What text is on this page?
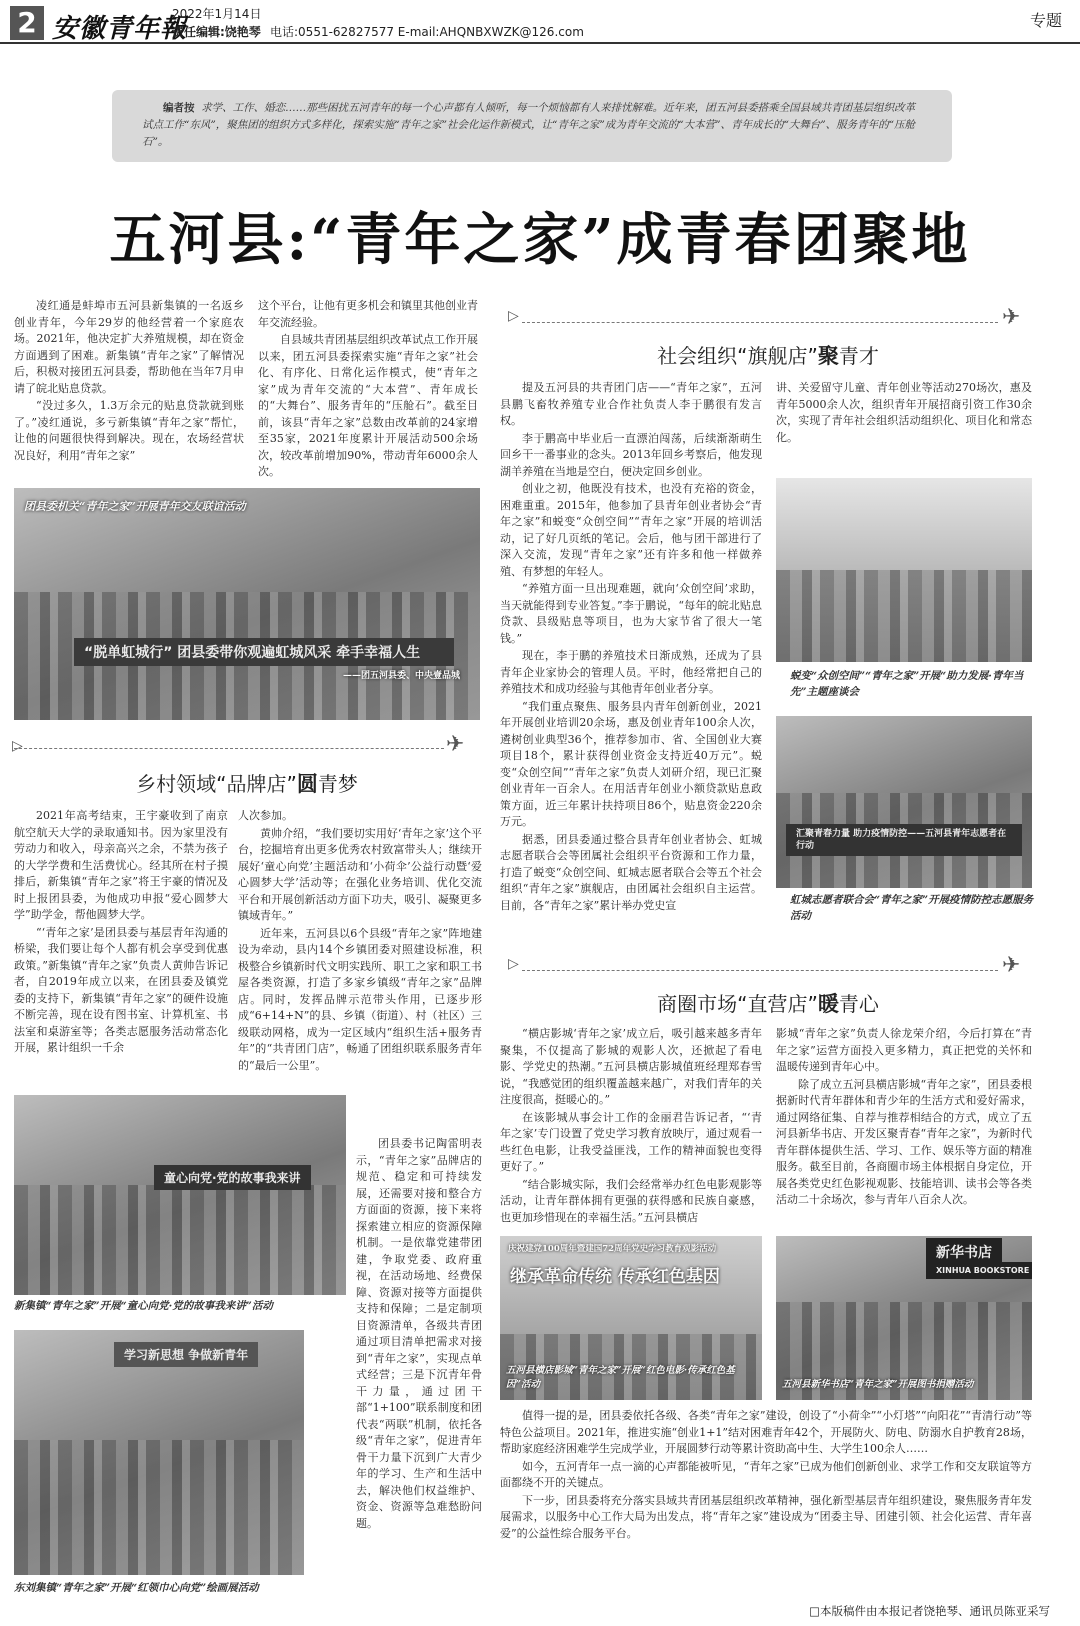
2 安徽青年報
2022年1月14日
责任编辑:饶艳琴 电话:0551-62827577 E-mail:AHQNBXWZK@126.com
专题
编者按 求学、工作、婚恋……那些困扰五河青年的每一个心声都有人倾听，每一个烦恼都有人来排忧解难。近年来，团五河县委搭乘全国县域共青团基层组织改革试点工作“东风”，聚焦团的组织方式多样化，探索实施“青年之家”社会化运作新模式，让“青年之家”成为青年交流的“大本营”、青年成长的“大舞台”、服务青年的“压舱石”。
五河县:“青年之家”成青春团聚地

凌红通是蚌埠市五河县新集镇的一名返乡创业青年，今年29岁的他经营着一个家庭农场。2021年，他决定扩大养殖规模，却在资金方面遇到了困难。新集镇“青年之家”了解情况后，积极对接团五河县委，帮助他在当年7月申请了皖北贴息贷款。

“没过多久，1.3万余元的贴息贷款就到账了。”凌红通说，多亏新集镇“青年之家”帮忙，让他的问题很快得到解决。现在，农场经营状况良好，利用“青年之家”

这个平台，让他有更多机会和镇里其他创业青年交流经验。

自县域共青团基层组织改革试点工作开展以来，团五河县委探索实施“青年之家”社会化、有序化、日常化运作模式，使“青年之家”成为青年交流的“大本营”、青年成长的“大舞台”、服务青年的“压舱石”。截至目前，该县“青年之家”总数由改革前的24家增至35家，2021年度累计开展活动500余场次，较改革前增加90%，带动青年6000余人次。

团县委机关“青年之家”开展青年交友联谊活动
“脱单虹城行” 团县委带你观遍虹城风采 牵手幸福人生
——团五河县委、中央壹品城
✈
▷
乡村领域“品牌店”圆青梦

2021年高考结束，王宇豪收到了南京航空航天大学的录取通知书。因为家里没有劳动力和收入，母亲高兴之余，不禁为孩子的大学学费和生活费忧心。经其所在村子摸排后，新集镇“青年之家”将王宇豪的情况及时上报团县委，为他成功申报“爱心圆梦大学”助学金，帮他圆梦大学。

“‘青年之家’是团县委与基层青年沟通的桥梁，我们要让每个人都有机会享受到优惠政策。”新集镇“青年之家”负责人黄帅告诉记者，自2019年成立以来，在团县委及镇党委的支持下，新集镇“青年之家”的硬件设施不断完善，现在设有图书室、计算机室、书法室和桌游室等；各类志愿服务活动常态化开展，累计组织一千余

人次参加。

黄帅介绍，“我们要切实用好‘青年之家’这个平台，挖掘培育出更多优秀农村致富带头人；继续开展好‘童心向党’主题活动和‘小荷伞’公益行动暨‘爱心圆梦大学’活动等；在强化业务培训、优化交流平台和开展创新活动方面下功夫，吸引、凝聚更多镇域青年。”

近年来，五河县以6个县级“青年之家”阵地建设为牵动，县内14个乡镇团委对照建设标准，积极整合乡镇新时代文明实践所、职工之家和职工书屋各类资源，打造了多家乡镇级“青年之家”品牌店。同时，发挥品牌示范带头作用，已逐步形成“6+14+N”的县、乡镇（街道）、村（社区）三级联动网格，成为一定区域内“组织生活+服务青年”的“共青团门店”，畅通了团组织联系服务青年的“最后一公里”。

团县委书记陶雷明表示，“青年之家”品牌店的规范、稳定和可持续发展，还需要对接和整合方方面面的资源，接下来将探索建立相应的资源保障机制。一是依靠党建带团建，争取党委、政府重视，在活动场地、经费保障、资源对接等方面提供支持和保障；二是定制项目资源清单，各级共青团通过项目清单把需求对接到“青年之家”，实现点单式经营；三是下沉青年骨干力量，通过团干部“1+100”联系制度和团代表“两联”机制，依托各级“青年之家”，促进青年骨干力量下沉到广大青少年的学习、生产和生活中去，解决他们权益维护、资金、资源等急难愁盼问题。

童心向党·党的故事我来讲
新集镇“青年之家”开展“童心向党·党的故事我来讲”活动
学习新思想 争做新青年
东刘集镇“青年之家”开展“红领巾心向党”绘画展活动
▷	✈
社会组织“旗舰店”聚青才

提及五河县的共青团门店——“青年之家”，五河县鹏飞畜牧养殖专业合作社负责人李于鹏很有发言权。

李于鹏高中毕业后一直漂泊闯荡，后续渐渐萌生回乡干一番事业的念头。2013年回乡考察后，他发现湖羊养殖在当地是空白，便决定回乡创业。

创业之初，他既没有技术，也没有充裕的资金，困难重重。2015年，他参加了县青年创业者协会“青年之家”和蜕变“众创空间”“青年之家”开展的培训活动，记了好几页纸的笔记。会后，他与团干部进行了深入交流，发现“青年之家”还有许多和他一样做养殖、有梦想的年轻人。

“养殖方面一旦出现难题，就向‘众创空间’求助，当天就能得到专业答复。”李于鹏说，“每年的皖北贴息贷款、县级贴息等项目，也为大家节省了很大一笔钱。”

现在，李于鹏的养殖技术日渐成熟，还成为了县青年企业家协会的管理人员。平时，他经常把自己的养殖技术和成功经验与其他青年创业者分享。

“我们重点聚焦、服务县内青年创新创业，2021年开展创业培训20余场，惠及创业青年100余人次，遴树创业典型36个，推荐参加市、省、全国创业大赛项目18个，累计获得创业资金支持近40万元”。蜕变“众创空间”“青年之家”负责人刘研介绍，现已汇聚创业青年一百余人。在用活青年创业小额贷款贴息政策方面，近三年累计扶持项目86个，贴息资金220余万元。

据悉，团县委通过整合县青年创业者协会、虹城志愿者联合会等团属社会组织平台资源和工作力量，打造了蜕变“众创空间、虹城志愿者联合会等五个社会组织“青年之家”旗舰店，由团属社会组织自主运营。目前，各“青年之家”累计举办党史宣

讲、关爱留守儿童、青年创业等活动270场次，惠及青年5000余人次，组织青年开展招商引资工作30余次，实现了青年社会组织活动组织化、项目化和常态化。

蜕变“众创空间”“青年之家”开展“助力发展·青年当先”主题座谈会
汇聚青春力量 助力疫情防控——五河县青年志愿者在行动
虹城志愿者联合会“青年之家”开展疫情防控志愿服务活动
▷	✈
商圈市场“直营店”暖青心

“横店影城‘青年之家’成立后，吸引越来越多青年聚集，不仅提高了影城的观影人次，还掀起了看电影、学党史的热潮。”五河县横店影城值班经理郑春雪说，“我感觉团的组织覆盖越来越广，对我们青年的关注度很高，挺暖心的。”

在该影城从事会计工作的金丽君告诉记者，“‘青年之家’专门设置了党史学习教育放映厅，通过观看一些红色电影，让我受益匪浅，工作的精神面貌也变得更好了。”

“结合影城实际，我们会经常举办红色电影观影等活动，让青年群体拥有更强的获得感和民族自豪感，也更加珍惜现在的幸福生活。”五河县横店

影城“青年之家”负责人徐龙荣介绍，今后打算在“青年之家”运营方面投入更多精力，真正把党的关怀和温暖传递到青年心中。

除了成立五河县横店影城“青年之家”，团县委根据新时代青年群体和青少年的生活方式和爱好需求，通过网络征集、自荐与推荐相结合的方式，成立了五河县新华书店、开发区聚青春“青年之家”，为新时代青年群体提供生活、学习、工作、娱乐等方面的精准服务。截至目前，各商圈市场主体根据自身定位，开展各类党史红色影视观影、技能培训、读书会等各类活动二十余场次，参与青年八百余人次。

庆祝建党100周年暨建国72周年党史学习教育观影活动
继承革命传统 传承红色基因
五河县横店影城“青年之家”开展“红色电影·传承红色基因”活动
新华书店
XINHUA BOOKSTORE
五河县新华书店“青年之家”开展图书捐赠活动

值得一提的是，团县委依托各级、各类“青年之家”建设，创设了“小荷伞”“小灯塔”“向阳花”“青清行动”等特色公益项目。2021年，推进实施“创业1+1”结对困难青年42个，开展防火、防电、防溺水自护教育28场，帮助家庭经济困难学生完成学业，开展圆梦行动等累计资助高中生、大学生100余人……

如今，五河青年一点一滴的心声都能被听见，“青年之家”已成为他们创新创业、求学工作和交友联谊等方面都绕不开的关键点。

下一步，团县委将充分落实县域共青团基层组织改革精神，强化新型基层青年组织建设，聚焦服务青年发展需求，以服务中心工作大局为出发点，将“青年之家”建设成为“团委主导、团建引领、社会化运营、青年喜爱”的公益性综合服务平台。

□本版稿件由本报记者饶艳琴、通讯员陈亚采写
